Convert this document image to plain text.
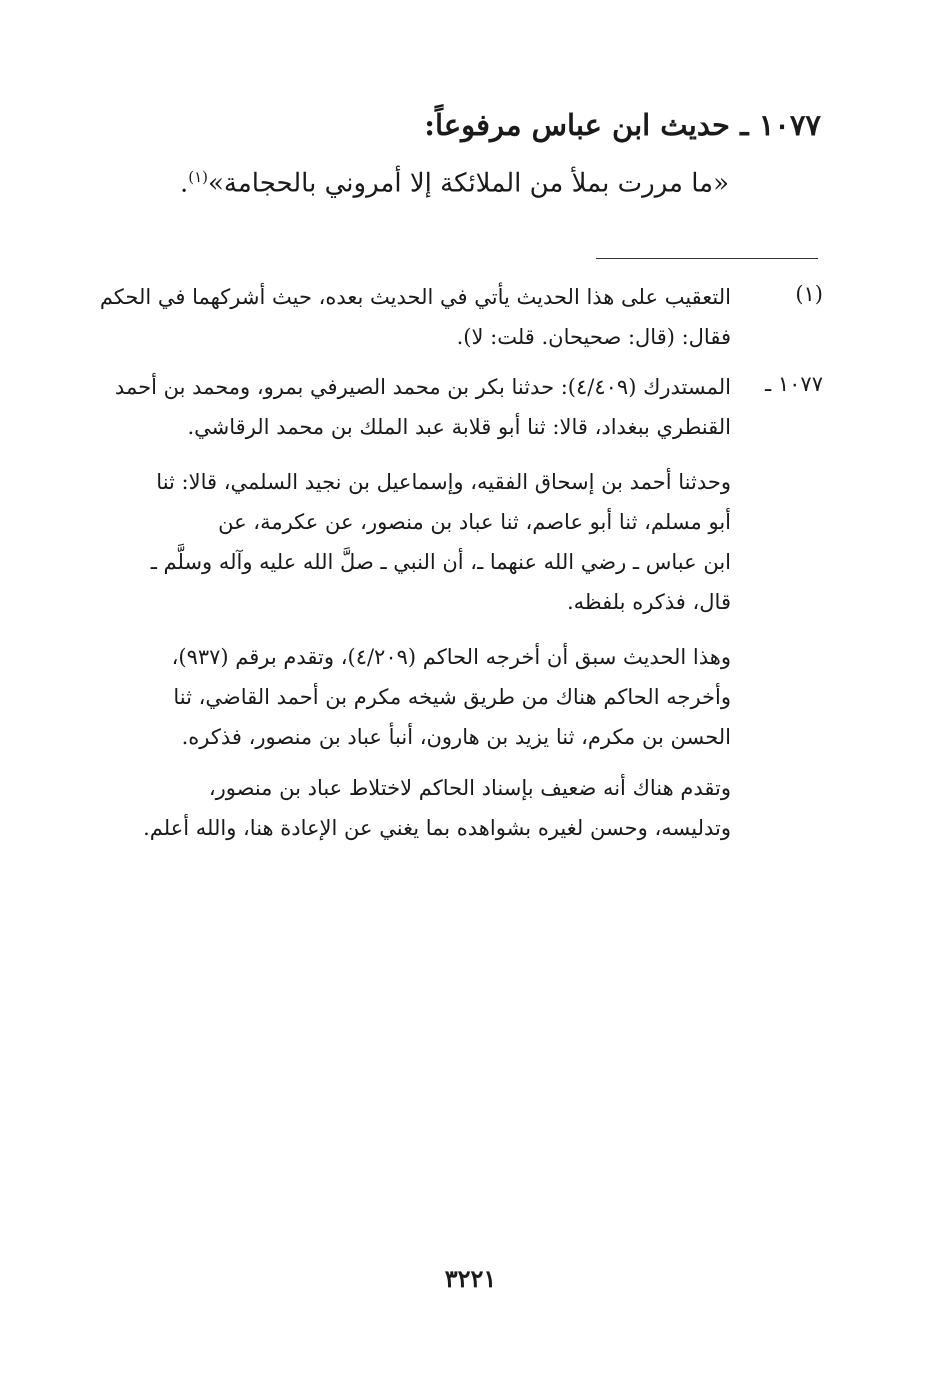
١٠٧٧ ـ حديث ابن عباس مرفوعاً:
«ما مررت بملأ من الملائكة إلا أمروني بالحجامة»$^{(١)}$.
(١)
التعقيب على هذا الحديث يأتي في الحديث بعده، حيث أشركهما في الحكم
فقال: (قال: صحيحان. قلت: لا).
١٠٧٧ ـ
المستدرك (٤/٤٠٩): حدثنا بكر بن محمد الصيرفي بمرو، ومحمد بن أحمد
القنطري ببغداد، قالا: ثنا أبو قلابة عبد الملك بن محمد الرقاشي.
وحدثنا أحمد بن إسحاق الفقيه، وإسماعيل بن نجيد السلمي، قالا: ثنا
أبو مسلم، ثنا أبو عاصم، ثنا عباد بن منصور، عن عكرمة، عن
ابن عباس ـ رضي الله عنهما ـ، أن النبي ـ صلَّ الله عليه وآله وسلَّم ـ
قال، فذكره بلفظه.
وهذا الحديث سبق أن أخرجه الحاكم (٤/٢٠٩)، وتقدم برقم (٩٣٧)،
وأخرجه الحاكم هناك من طريق شيخه مكرم بن أحمد القاضي، ثنا
الحسن بن مكرم، ثنا يزيد بن هارون، أنبأ عباد بن منصور، فذكره.
وتقدم هناك أنه ضعيف بإسناد الحاكم لاختلاط عباد بن منصور،
وتدليسه، وحسن لغيره بشواهده بما يغني عن الإعادة هنا، والله أعلم.
٣٢٢١
